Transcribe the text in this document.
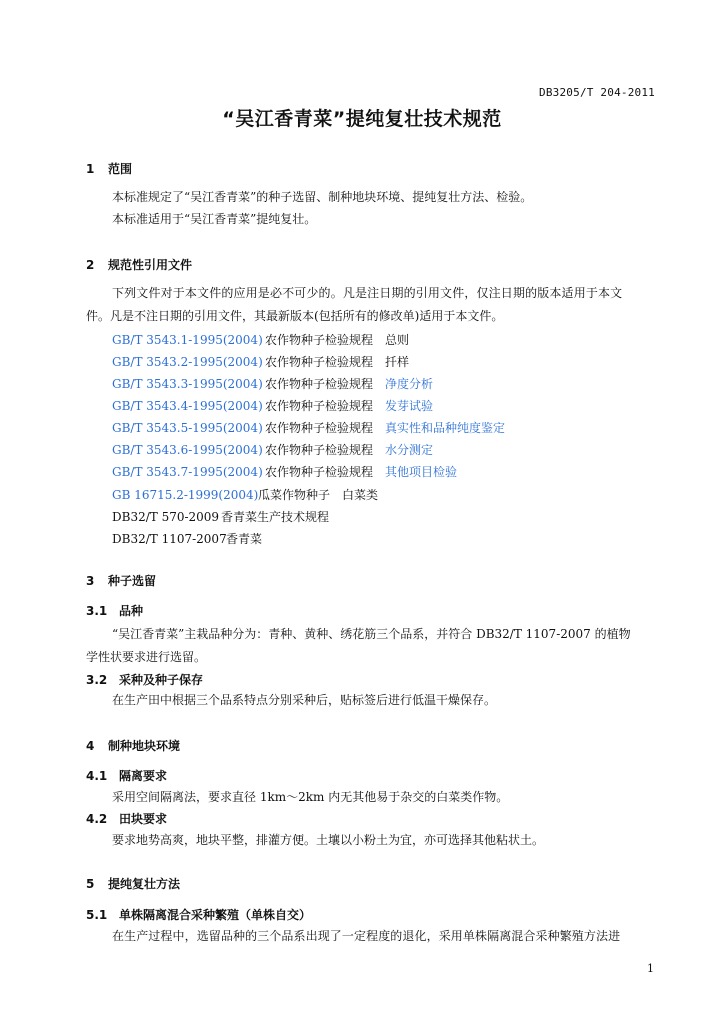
DB3205/T 204-2011
“吴江香青菜”提纯复壮技术规范
1 范围
本标准规定了“吴江香青菜”的种子选留、制种地块环境、提纯复壮方法、检验。
本标准适用于“吴江香青菜”提纯复壮。
2 规范性引用文件
下列文件对于本文件的应用是必不可少的。凡是注日期的引用文件，仅注日期的版本适用于本文
件。凡是不注日期的引用文件，其最新版本(包括所有的修改单)适用于本文件。
GB/T 3543.1-1995(2004) 农作物种子检验规程 总则
GB/T 3543.2-1995(2004) 农作物种子检验规程 扦样
GB/T 3543.3-1995(2004) 农作物种子检验规程 净度分析
GB/T 3543.4-1995(2004) 农作物种子检验规程 发芽试验
GB/T 3543.5-1995(2004) 农作物种子检验规程 真实性和品种纯度鉴定
GB/T 3543.6-1995(2004) 农作物种子检验规程 水分测定
GB/T 3543.7-1995(2004) 农作物种子检验规程 其他项目检验
GB 16715.2-1999(2004)瓜菜作物种子 白菜类
DB32/T 570-2009 香青菜生产技术规程
DB32/T 1107-2007香青菜
3 种子选留
3.1 品种
“吴江香青菜”主栽品种分为：青种、黄种、绣花筋三个品系，并符合 DB32/T 1107-2007 的植物
学性状要求进行选留。
3.2 采种及种子保存
在生产田中根据三个品系特点分别采种后，贴标签后进行低温干燥保存。
4 制种地块环境
4.1 隔离要求
采用空间隔离法，要求直径 1km～2km 内无其他易于杂交的白菜类作物。
4.2 田块要求
要求地势高爽，地块平整，排灌方便。土壤以小粉土为宜，亦可选择其他粘状土。
5 提纯复壮方法
5.1 单株隔离混合采种繁殖（单株自交）
在生产过程中，选留品种的三个品系出现了一定程度的退化，采用单株隔离混合采种繁殖方法进
1
